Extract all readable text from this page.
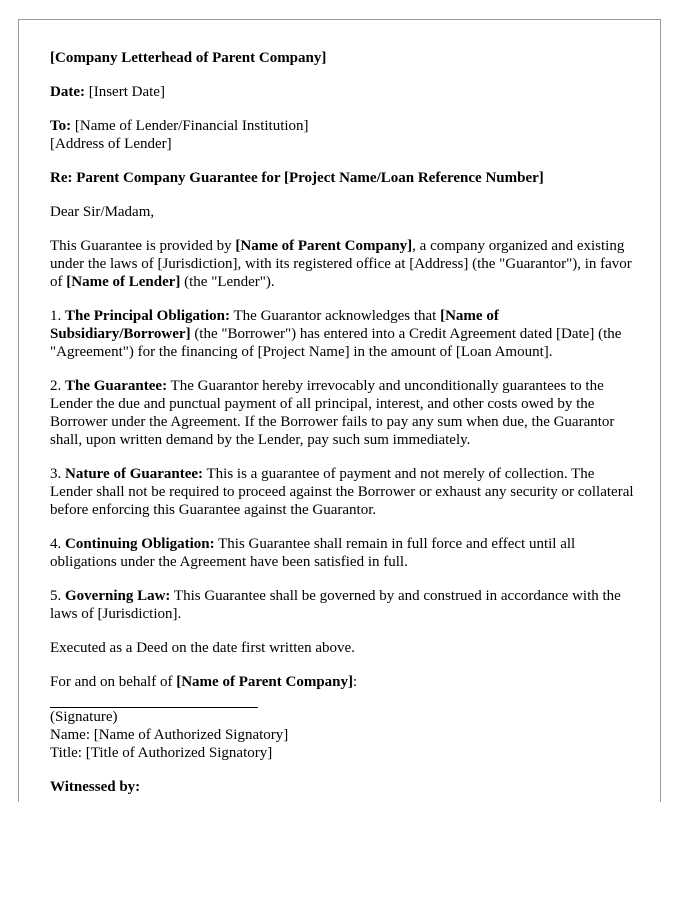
[Company Letterhead of Parent Company]

Date: [Insert Date]

To: [Name of Lender/Financial Institution]
[Address of Lender]

Re: Parent Company Guarantee for [Project Name/Loan Reference Number]

Dear Sir/Madam,

This Guarantee is provided by [Name of Parent Company], a company organized and existing under the laws of [Jurisdiction], with its registered office at [Address] (the "Guarantor"), in favor of [Name of Lender] (the "Lender").

1. The Principal Obligation: The Guarantor acknowledges that [Name of Subsidiary/Borrower] (the "Borrower") has entered into a Credit Agreement dated [Date] (the "Agreement") for the financing of [Project Name] in the amount of [Loan Amount].

2. The Guarantee: The Guarantor hereby irrevocably and unconditionally guarantees to the Lender the due and punctual payment of all principal, interest, and other costs owed by the Borrower under the Agreement. If the Borrower fails to pay any sum when due, the Guarantor shall, upon written demand by the Lender, pay such sum immediately.

3. Nature of Guarantee: This is a guarantee of payment and not merely of collection. The Lender shall not be required to proceed against the Borrower or exhaust any security or collateral before enforcing this Guarantee against the Guarantor.

4. Continuing Obligation: This Guarantee shall remain in full force and effect until all obligations under the Agreement have been satisfied in full.

5. Governing Law: This Guarantee shall be governed by and construed in accordance with the laws of [Jurisdiction].

Executed as a Deed on the date first written above.

For and on behalf of [Name of Parent Company]:

(Signature)
Name: [Name of Authorized Signatory]
Title: [Title of Authorized Signatory]

Witnessed by:
